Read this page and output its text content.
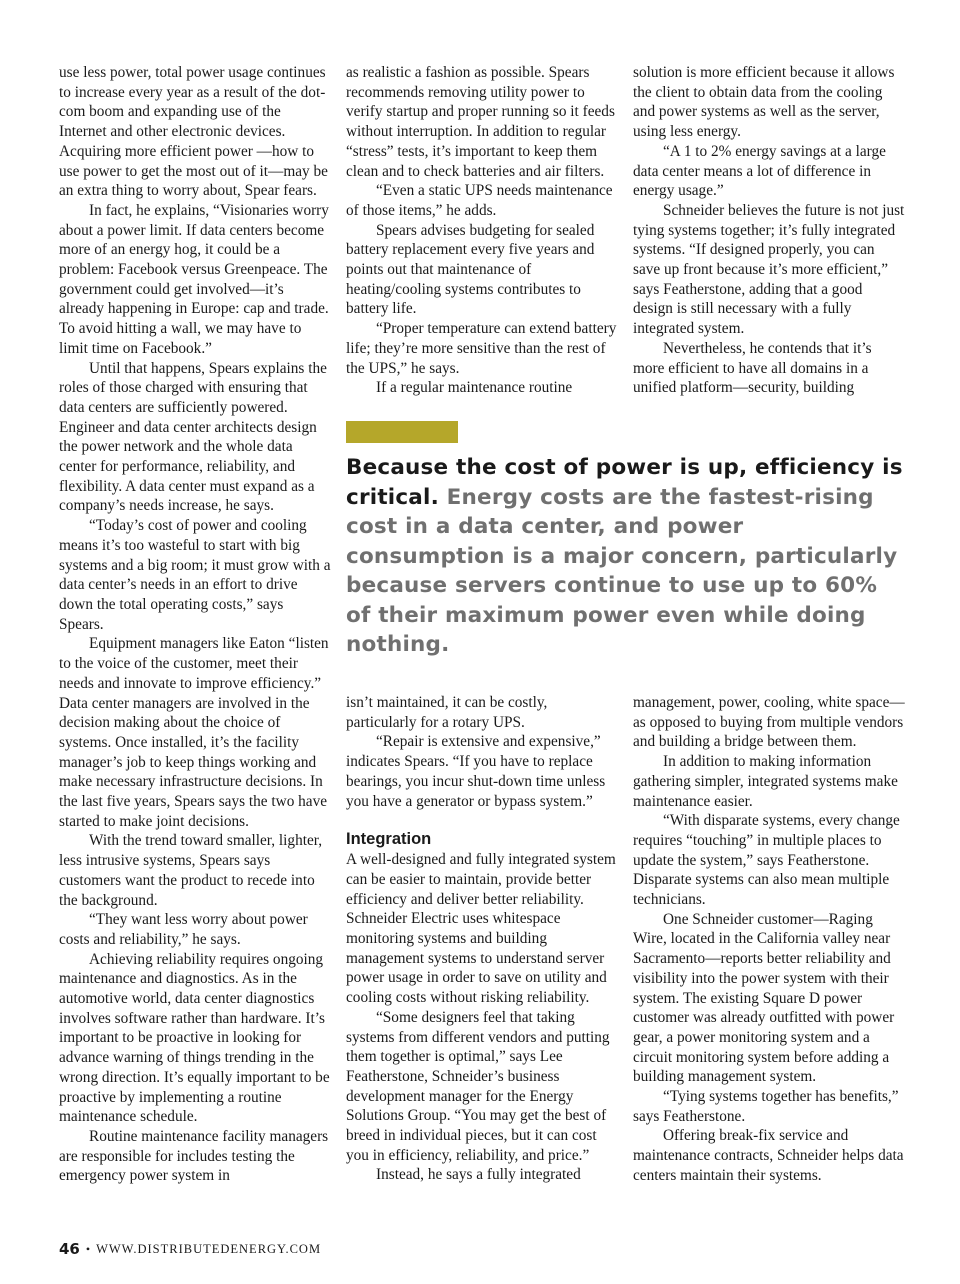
use less power, total power usage continues to increase every year as a result of the dot-com boom and expanding use of the Internet and other electronic devices. Acquiring more efficient power —how to use power to get the most out of it—may be an extra thing to worry about, Spear fears.

In fact, he explains, “Visionaries worry about a power limit. If data centers become more of an energy hog, it could be a problem: Facebook versus Greenpeace. The government could get involved—it’s already happening in Europe: cap and trade. To avoid hitting a wall, we may have to limit time on Facebook.”

Until that happens, Spears explains the roles of those charged with ensuring that data centers are sufficiently powered. Engineer and data center architects design the power network and the whole data center for performance, reliability, and flexibility. A data center must expand as a company’s needs increase, he says.

“Today’s cost of power and cooling means it’s too wasteful to start with big systems and a big room; it must grow with a data center’s needs in an effort to drive down the total operating costs,” says Spears.

Equipment managers like Eaton “listen to the voice of the customer, meet their needs and innovate to improve efficiency.” Data center managers are involved in the decision making about the choice of systems. Once installed, it’s the facility manager’s job to keep things working and make necessary infrastructure decisions. In the last five years, Spears says the two have started to make joint decisions.

With the trend toward smaller, lighter, less intrusive systems, Spears says customers want the product to recede into the background.

“They want less worry about power costs and reliability,” he says.

Achieving reliability requires ongoing maintenance and diagnostics. As in the automotive world, data center diagnostics involves software rather than hardware. It’s important to be proactive in looking for advance warning of things trending in the wrong direction. It’s equally important to be proactive by implementing a routine maintenance schedule.

Routine maintenance facility managers are responsible for includes testing the emergency power system in

as realistic a fashion as possible. Spears recommends removing utility power to verify startup and proper running so it feeds without interruption. In addition to regular “stress” tests, it’s important to keep them clean and to check batteries and air filters.

“Even a static UPS needs maintenance of those items,” he adds.

Spears advises budgeting for sealed battery replacement every five years and points out that maintenance of heating/cooling systems contributes to battery life.

“Proper temperature can extend battery life; they’re more sensitive than the rest of the UPS,” he says.

If a regular maintenance routine

solution is more efficient because it allows the client to obtain data from the cooling and power systems as well as the server, using less energy.

“A 1 to 2% energy savings at a large data center means a lot of difference in energy usage.”

Schneider believes the future is not just tying systems together; it’s fully integrated systems. “If designed properly, you can save up front because it’s more efficient,” says Featherstone, adding that a good design is still necessary with a fully integrated system.

Nevertheless, he contends that it’s more efficient to have all domains in a unified platform—security, building

Because the cost of power is up, efficiency is critical. Energy costs are the fastest-rising cost in a data center, and power consumption is a major concern, particularly because servers continue to use up to 60% of their maximum power even while doing nothing.

isn’t maintained, it can be costly, particularly for a rotary UPS.

“Repair is extensive and expensive,” indicates Spears. “If you have to replace bearings, you incur shut-down time unless you have a generator or bypass system.”

Integration

A well-designed and fully integrated system can be easier to maintain, provide better efficiency and deliver better reliability. Schneider Electric uses whitespace monitoring systems and building management systems to understand server power usage in order to save on utility and cooling costs without risking reliability.

“Some designers feel that taking systems from different vendors and putting them together is optimal,” says Lee Featherstone, Schneider’s business development manager for the Energy Solutions Group. “You may get the best of breed in individual pieces, but it can cost you in efficiency, reliability, and price.”

Instead, he says a fully integrated

management, power, cooling, white space—as opposed to buying from multiple vendors and building a bridge between them.

In addition to making information gathering simpler, integrated systems make maintenance easier.

“With disparate systems, every change requires “touching” in multiple places to update the system,” says Featherstone. Disparate systems can also mean multiple technicians.

One Schneider customer—Raging Wire, located in the California valley near Sacramento—reports better reliability and visibility into the power system with their system. The existing Square D power customer was already outfitted with power gear, a power monitoring system and a circuit monitoring system before adding a building management system.

“Tying systems together has benefits,” says Featherstone.

Offering break-fix service and maintenance contracts, Schneider helps data centers maintain their systems.

46 • WWW.DISTRIBUTEDENERGY.COM
